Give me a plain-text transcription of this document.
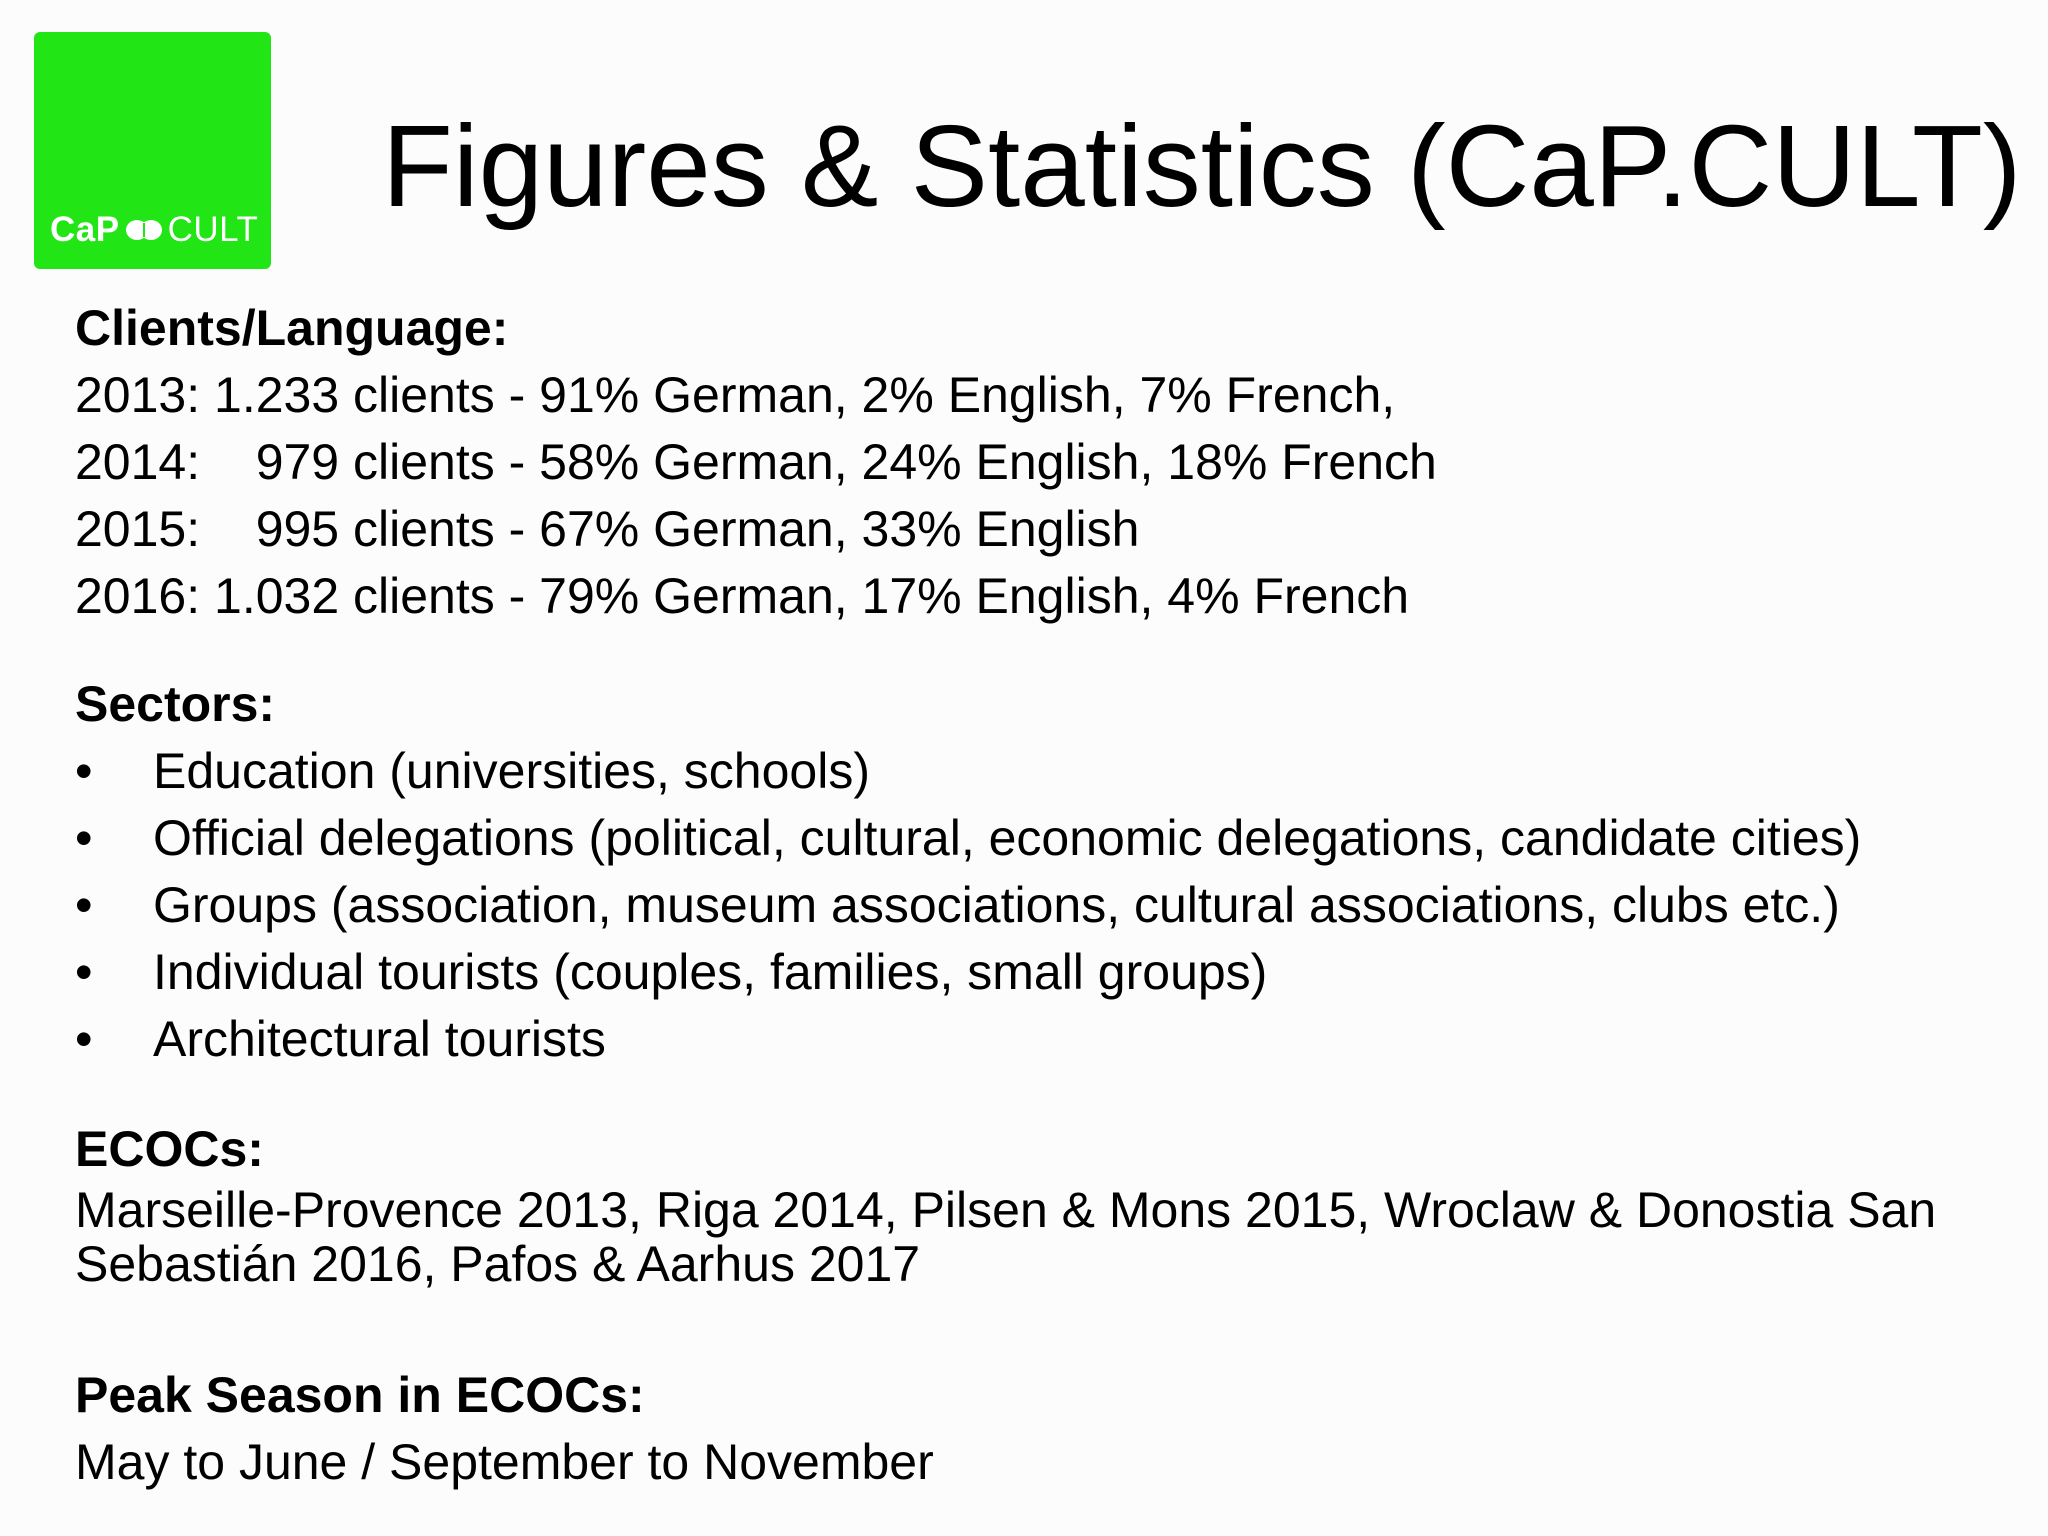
CaP CULT Figures & Statistics (CaP.CULT)
Clients/Language:
2013: 1.233 clients - 91% German, 2% English, 7% French,
2014:    979 clients - 58% German, 24% English, 18% French
2015:    995 clients - 67% German, 33% English
2016: 1.032 clients - 79% German, 17% English, 4% French
Sectors:
•	Education (universities, schools)
•	Official delegations (political, cultural, economic delegations, candidate cities)
•	Groups (association, museum associations, cultural associations, clubs etc.)
•	Individual tourists (couples, families, small groups)
•	Architectural tourists
ECOCs:
Marseille-Provence 2013, Riga 2014, Pilsen & Mons 2015, Wroclaw & Donostia San Sebastián 2016, Pafos & Aarhus 2017
Peak Season in ECOCs:
May to June / September to November
